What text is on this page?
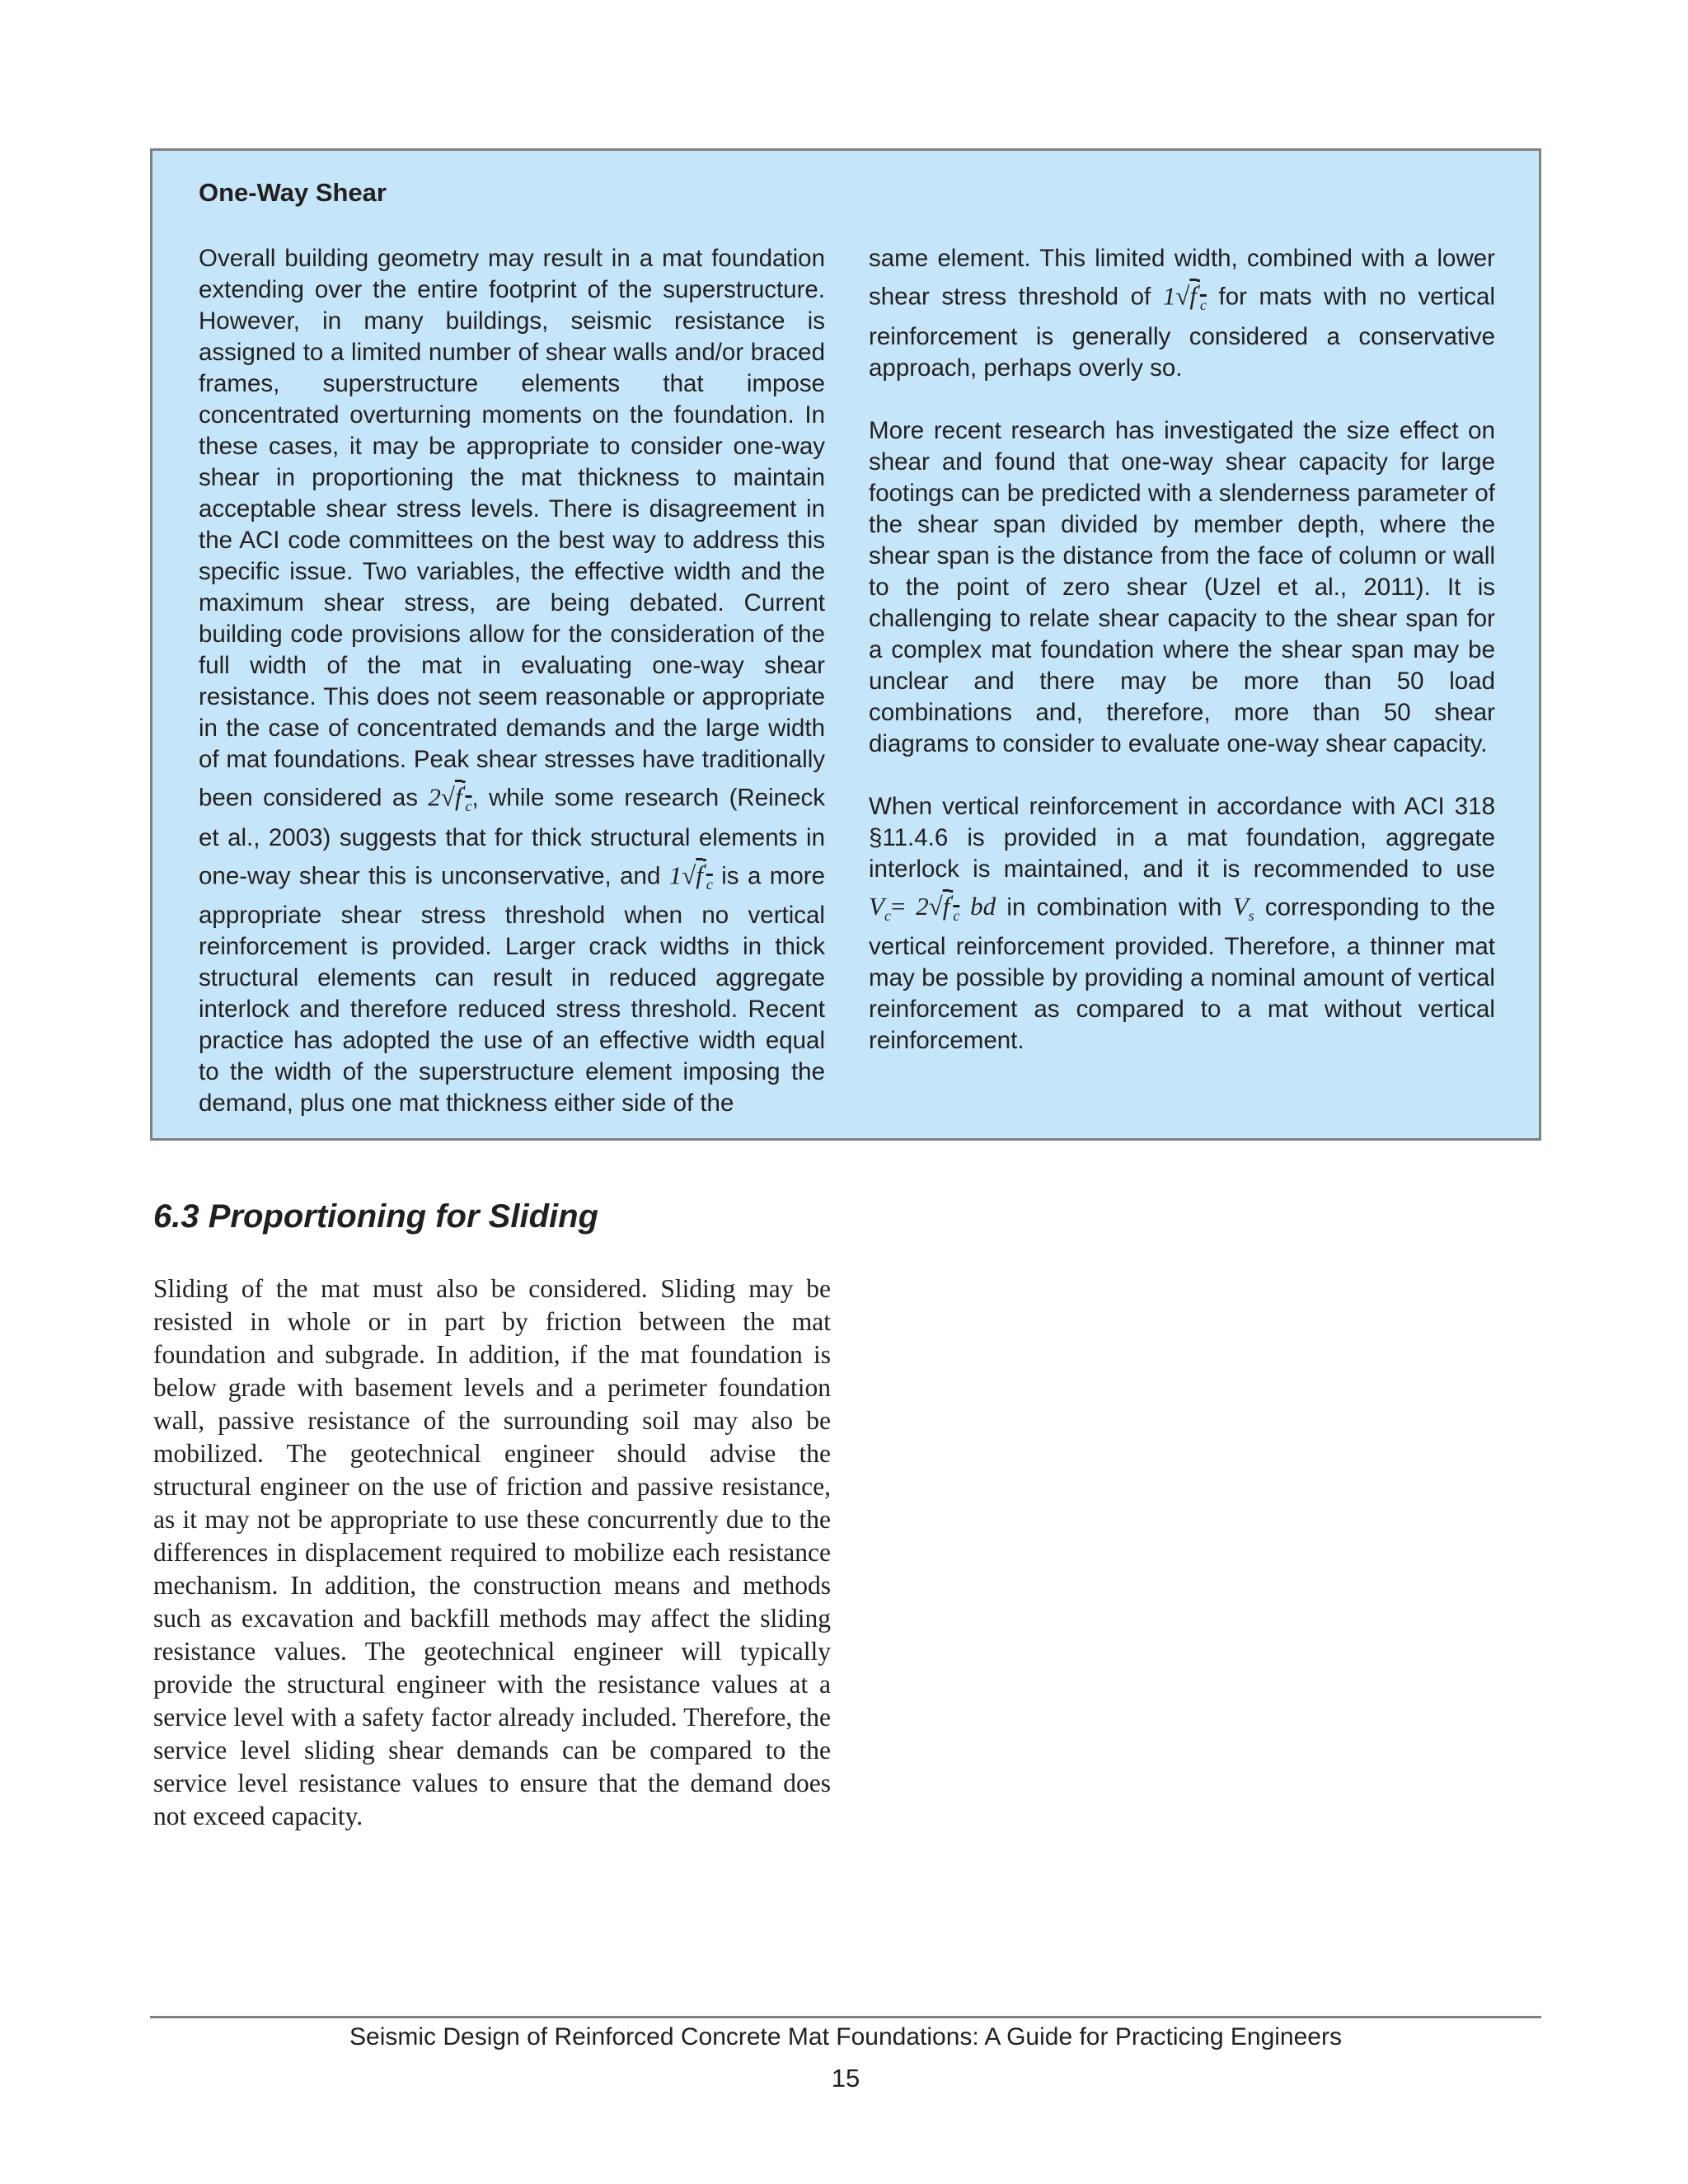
One-Way Shear

Overall building geometry may result in a mat foundation extending over the entire footprint of the superstructure. However, in many buildings, seismic resistance is assigned to a limited number of shear walls and/or braced frames, superstructure elements that impose concentrated overturning moments on the foundation. In these cases, it may be appropriate to consider one-way shear in proportioning the mat thickness to maintain acceptable shear stress levels. There is disagreement in the ACI code committees on the best way to address this specific issue. Two variables, the effective width and the maximum shear stress, are being debated. Current building code provisions allow for the consideration of the full width of the mat in evaluating one-way shear resistance. This does not seem reasonable or appropriate in the case of concentrated demands and the large width of mat foundations. Peak shear stresses have traditionally been considered as $2√f'_c$, while some research (Reineck et al., 2003) suggests that for thick structural elements in one-way shear this is unconservative, and $1√f'_c$ is a more appropriate shear stress threshold when no vertical reinforcement is provided. Larger crack widths in thick structural elements can result in reduced aggregate interlock and therefore reduced stress threshold. Recent practice has adopted the use of an effective width equal to the width of the superstructure element imposing the demand, plus one mat thickness either side of the

same element. This limited width, combined with a lower shear stress threshold of $1√f'_c$ for mats with no vertical reinforcement is generally considered a conservative approach, perhaps overly so.

More recent research has investigated the size effect on shear and found that one-way shear capacity for large footings can be predicted with a slenderness parameter of the shear span divided by member depth, where the shear span is the distance from the face of column or wall to the point of zero shear (Uzel et al., 2011). It is challenging to relate shear capacity to the shear span for a complex mat foundation where the shear span may be unclear and there may be more than 50 load combinations and, therefore, more than 50 shear diagrams to consider to evaluate one-way shear capacity.

When vertical reinforcement in accordance with ACI 318 §11.4.6 is provided in a mat foundation, aggregate interlock is maintained, and it is recommended to use $V_c= 2√f'_c$ bd in combination with $V_s$ corresponding to the vertical reinforcement provided. Therefore, a thinner mat may be possible by providing a nominal amount of vertical reinforcement as compared to a mat without vertical reinforcement.

6.3 Proportioning for Sliding

Sliding of the mat must also be considered. Sliding may be resisted in whole or in part by friction between the mat foundation and subgrade. In addition, if the mat foundation is below grade with basement levels and a perimeter foundation wall, passive resistance of the surrounding soil may also be mobilized. The geotechnical engineer should advise the structural engineer on the use of friction and passive resistance, as it may not be appropriate to use these concurrently due to the differences in displacement required to mobilize each resistance mechanism. In addition, the construction means and methods such as excavation and backfill methods may affect the sliding resistance values. The geotechnical engineer will typically provide the structural engineer with the resistance values at a service level with a safety factor already included. Therefore, the service level sliding shear demands can be compared to the service level resistance values to ensure that the demand does not exceed capacity.

Seismic Design of Reinforced Concrete Mat Foundations: A Guide for Practicing Engineers

15
